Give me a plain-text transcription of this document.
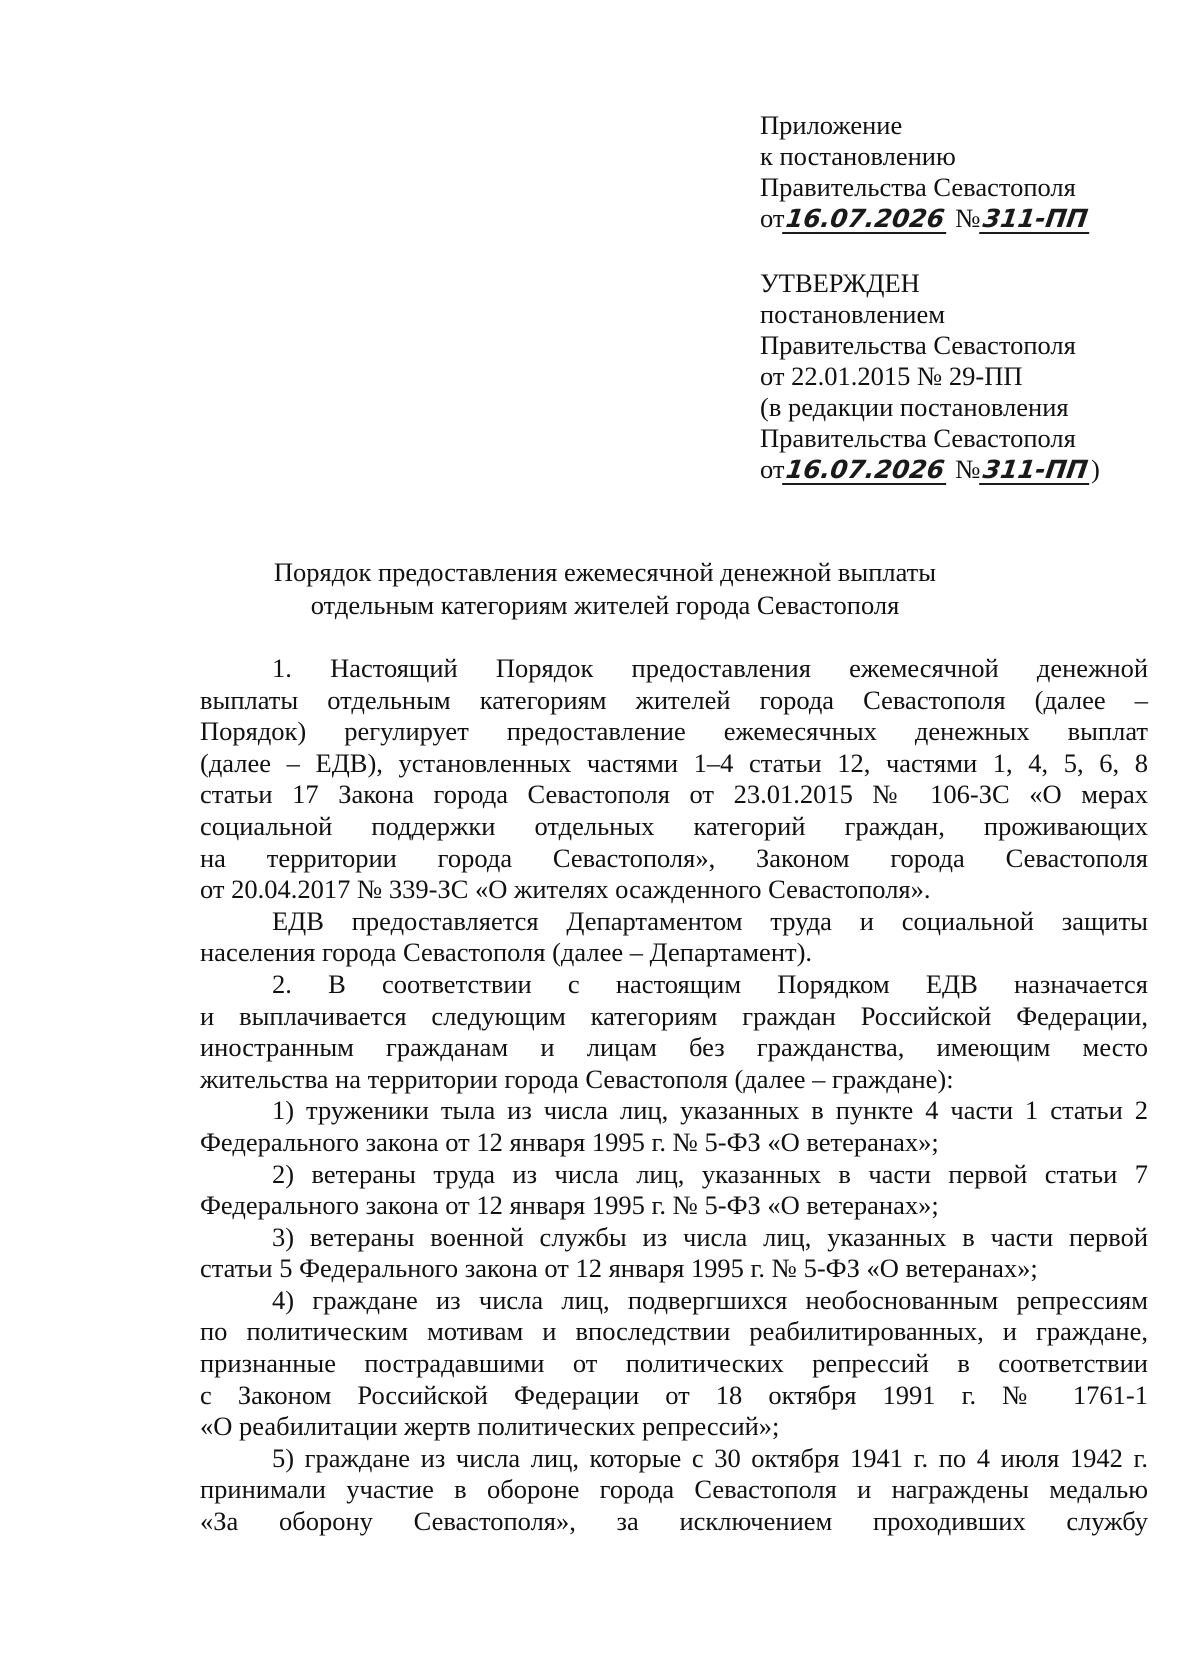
Приложение
к постановлению
Правительства Севастополя
от16.07.2026 №311-ПП
УТВЕРЖДЕН
постановлением
Правительства Севастополя
от 22.01.2015 № 29-ПП
(в редакции постановления
Правительства Севастополя
от16.07.2026 №311-ПП)
Порядок предоставления ежемесячной денежной выплаты
отдельным категориям жителей города Севастополя
1. Настоящий Порядок предоставления ежемесячной денежной
выплаты отдельным категориям жителей города Севастополя (далее –
Порядок) регулирует предоставление ежемесячных денежных выплат
(далее – ЕДВ), установленных частями 1–4 статьи 12, частями 1, 4, 5, 6, 8
статьи 17 Закона города Севастополя от 23.01.2015 № 106-ЗС «О мерах
социальной поддержки отдельных категорий граждан, проживающих
на территории города Севастополя», Законом города Севастополя
от 20.04.2017 № 339-ЗС «О жителях осажденного Севастополя».
ЕДВ предоставляется Департаментом труда и социальной защиты
населения города Севастополя (далее – Департамент).
2. В соответствии с настоящим Порядком ЕДВ назначается
и выплачивается следующим категориям граждан Российской Федерации,
иностранным гражданам и лицам без гражданства, имеющим место
жительства на территории города Севастополя (далее – граждане):
1) труженики тыла из числа лиц, указанных в пункте 4 части 1 статьи 2
Федерального закона от 12 января 1995 г. № 5-ФЗ «О ветеранах»;
2) ветераны труда из числа лиц, указанных в части первой статьи 7
Федерального закона от 12 января 1995 г. № 5-ФЗ «О ветеранах»;
3) ветераны военной службы из числа лиц, указанных в части первой
статьи 5 Федерального закона от 12 января 1995 г. № 5-ФЗ «О ветеранах»;
4) граждане из числа лиц, подвергшихся необоснованным репрессиям
по политическим мотивам и впоследствии реабилитированных, и граждане,
признанные пострадавшими от политических репрессий в соответствии
с Законом Российской Федерации от 18 октября 1991 г. № 1761-1
«О реабилитации жертв политических репрессий»;
5) граждане из числа лиц, которые с 30 октября 1941 г. по 4 июля 1942 г.
принимали участие в обороне города Севастополя и награждены медалью
«За оборону Севастополя», за исключением проходивших службу
